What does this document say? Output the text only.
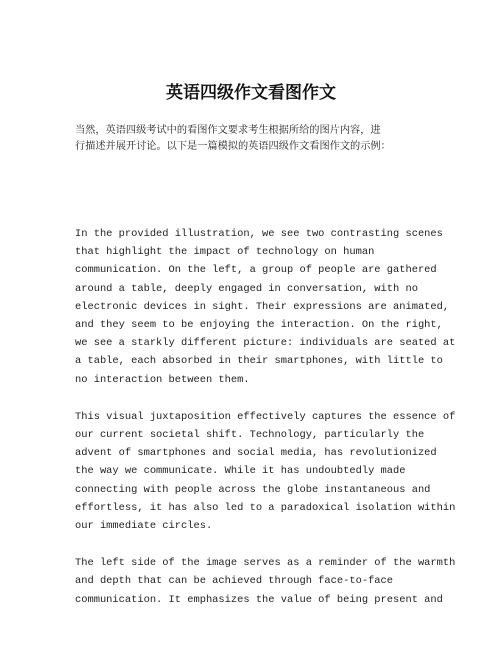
英语四级作文看图作文
当然，英语四级考试中的看图作文要求考生根据所给的图片内容，进
行描述并展开讨论。以下是一篇模拟的英语四级作文看图作文的示例：
In the provided illustration, we see two contrasting scenes
that highlight the impact of technology on human
communication. On the left, a group of people are gathered
around a table, deeply engaged in conversation, with no
electronic devices in sight. Their expressions are animated,
and they seem to be enjoying the interaction. On the right,
we see a starkly different picture: individuals are seated at
a table, each absorbed in their smartphones, with little to
no interaction between them.
This visual juxtaposition effectively captures the essence of
our current societal shift. Technology, particularly the
advent of smartphones and social media, has revolutionized
the way we communicate. While it has undoubtedly made
connecting with people across the globe instantaneous and
effortless, it has also led to a paradoxical isolation within
our immediate circles.
The left side of the image serves as a reminder of the warmth
and depth that can be achieved through face-to-face
communication. It emphasizes the value of being present and
